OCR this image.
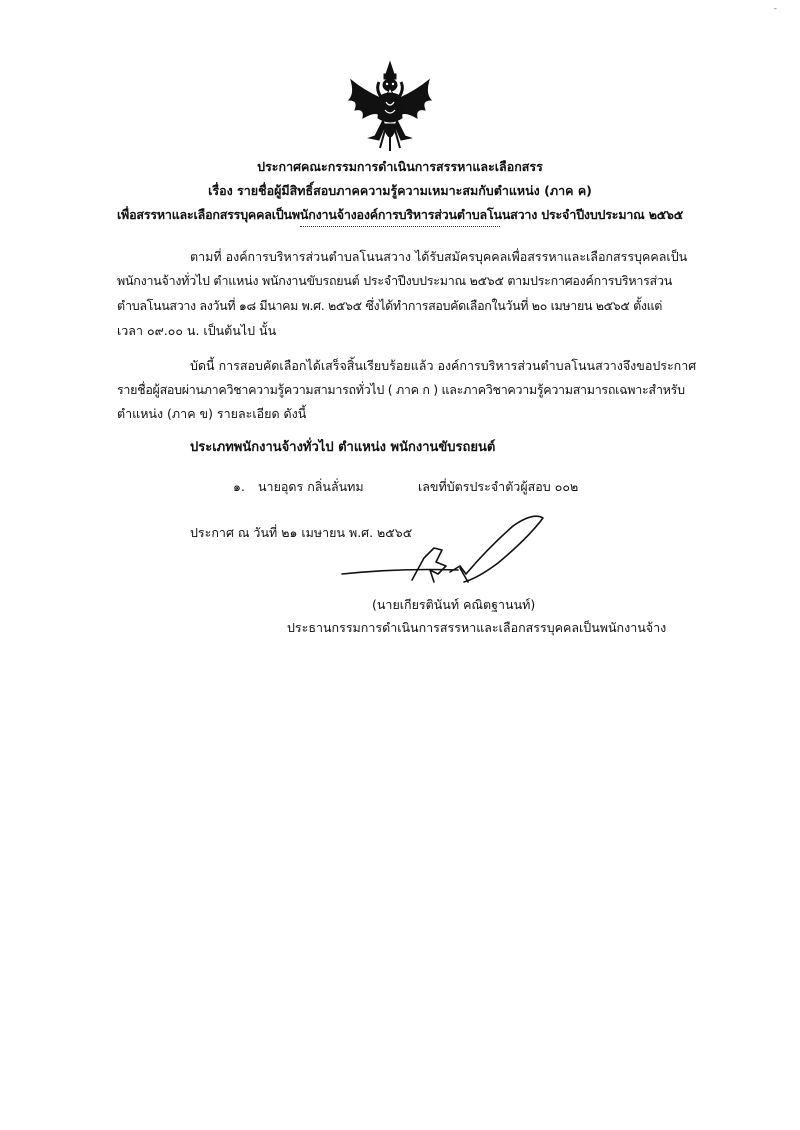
ˉ
ประกาศคณะกรรมการดำเนินการสรรหาและเลือกสรร
เรื่อง รายชื่อผู้มีสิทธิ์สอบภาคความรู้ความเหมาะสมกับตำแหน่ง (ภาค ค)
เพื่อสรรหาและเลือกสรรบุคคลเป็นพนักงานจ้างองค์การบริหารส่วนตำบลโนนสวาง ประจำปีงบประมาณ ๒๕๖๕
ตามที่ องค์การบริหารส่วนตำบลโนนสวาง ได้รับสมัครบุคคลเพื่อสรรหาและเลือกสรรบุคคลเป็น
พนักงานจ้างทั่วไป ตำแหน่ง พนักงานขับรถยนต์ ประจำปีงบประมาณ ๒๕๖๕ ตามประกาศองค์การบริหารส่วน
ตำบลโนนสวาง ลงวันที่ ๑๘ มีนาคม พ.ศ. ๒๕๖๕ ซึ่งได้ทำการสอบคัดเลือกในวันที่ ๒๐ เมษายน ๒๕๖๕ ตั้งแต่
เวลา ๐๙.๐๐ น. เป็นต้นไป นั้น
บัดนี้ การสอบคัดเลือกได้เสร็จสิ้นเรียบร้อยแล้ว องค์การบริหารส่วนตำบลโนนสวางจึงขอประกาศ
รายชื่อผู้สอบผ่านภาควิชาความรู้ความสามารถทั่วไป ( ภาค ก ) และภาควิชาความรู้ความสามารถเฉพาะสำหรับ
ตำแหน่ง (ภาค ข) รายละเอียด ดังนี้
ประเภทพนักงานจ้างทั่วไป ตำแหน่ง พนักงานขับรถยนต์
๑. นายอุดร กลิ่นลั่นทม	เลขที่บัตรประจำตัวผู้สอบ ๐๐๒
ประกาศ ณ วันที่ ๒๑ เมษายน พ.ศ. ๒๕๖๕
(นายเกียรตินันท์ คณิตฐานนท์)
ประธานกรรมการดำเนินการสรรหาและเลือกสรรบุคคลเป็นพนักงานจ้าง
